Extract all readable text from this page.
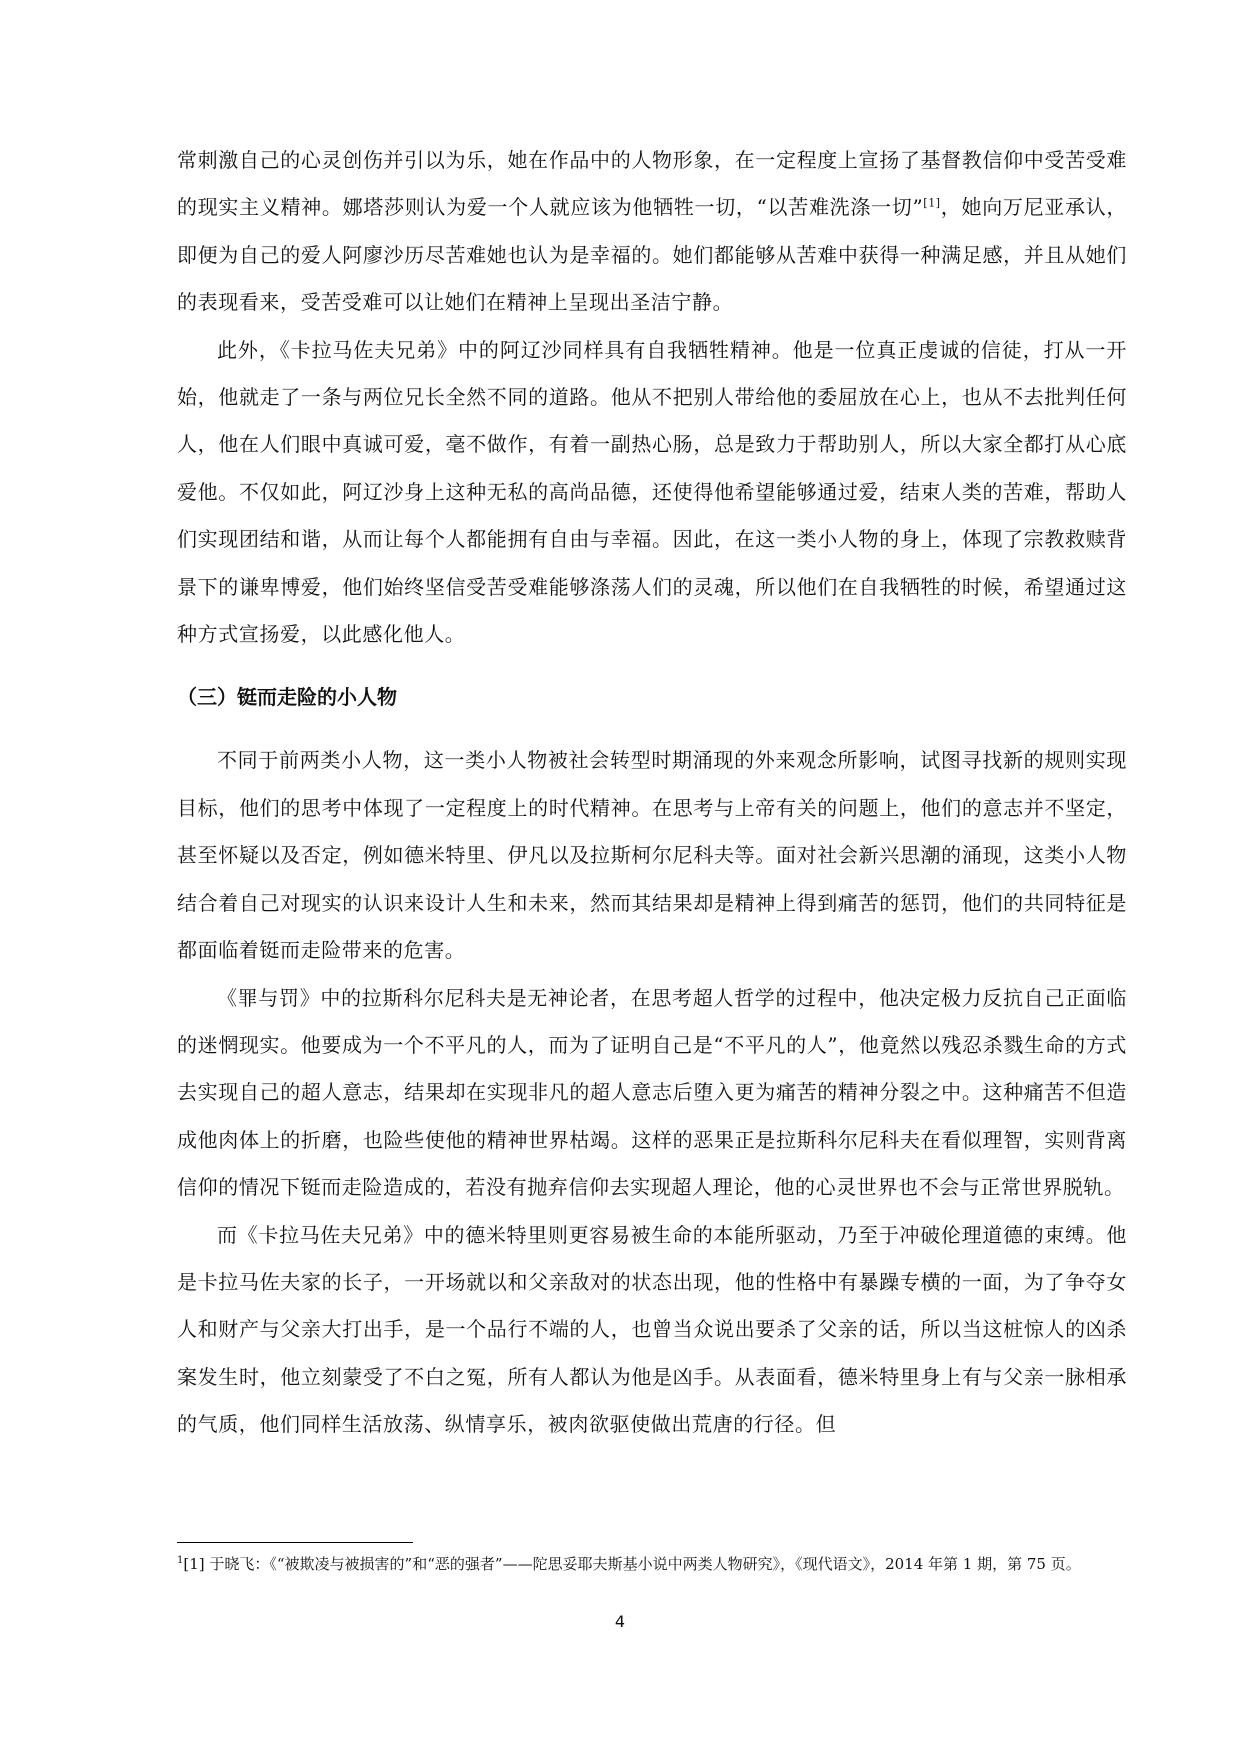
常刺激自己的心灵创伤并引以为乐，她在作品中的人物形象，在一定程度上宣扬了基督教信仰中受苦受难的现实主义精神。娜塔莎则认为爱一个人就应该为他牺牲一切，“以苦难洗涤一切”[1]，她向万尼亚承认，即便为自己的爱人阿廖沙历尽苦难她也认为是幸福的。她们都能够从苦难中获得一种满足感，并且从她们的表现看来，受苦受难可以让她们在精神上呈现出圣洁宁静。

此外，《卡拉马佐夫兄弟》中的阿辽沙同样具有自我牺牲精神。他是一位真正虔诚的信徒，打从一开始，他就走了一条与两位兄长全然不同的道路。他从不把别人带给他的委屈放在心上，也从不去批判任何人，他在人们眼中真诚可爱，毫不做作，有着一副热心肠，总是致力于帮助别人，所以大家全都打从心底爱他。不仅如此，阿辽沙身上这种无私的高尚品德，还使得他希望能够通过爱，结束人类的苦难，帮助人们实现团结和谐，从而让每个人都能拥有自由与幸福。因此，在这一类小人物的身上，体现了宗教救赎背景下的谦卑博爱，他们始终坚信受苦受难能够涤荡人们的灵魂，所以他们在自我牺牲的时候，希望通过这种方式宣扬爱，以此感化他人。

（三）铤而走险的小人物

不同于前两类小人物，这一类小人物被社会转型时期涌现的外来观念所影响，试图寻找新的规则实现目标，他们的思考中体现了一定程度上的时代精神。在思考与上帝有关的问题上，他们的意志并不坚定，甚至怀疑以及否定，例如德米特里、伊凡以及拉斯柯尔尼科夫等。面对社会新兴思潮的涌现，这类小人物结合着自己对现实的认识来设计人生和未来，然而其结果却是精神上得到痛苦的惩罚，他们的共同特征是都面临着铤而走险带来的危害。

《罪与罚》中的拉斯科尔尼科夫是无神论者，在思考超人哲学的过程中，他决定极力反抗自己正面临的迷惘现实。他要成为一个不平凡的人，而为了证明自己是“不平凡的人”，他竟然以残忍杀戮生命的方式去实现自己的超人意志，结果却在实现非凡的超人意志后堕入更为痛苦的精神分裂之中。这种痛苦不但造成他肉体上的折磨，也险些使他的精神世界枯竭。这样的恶果正是拉斯科尔尼科夫在看似理智，实则背离信仰的情况下铤而走险造成的，若没有抛弃信仰去实现超人理论，他的心灵世界也不会与正常世界脱轨。

而《卡拉马佐夫兄弟》中的德米特里则更容易被生命的本能所驱动，乃至于冲破伦理道德的束缚。他是卡拉马佐夫家的长子，一开场就以和父亲敌对的状态出现，他的性格中有暴躁专横的一面，为了争夺女人和财产与父亲大打出手，是一个品行不端的人，也曾当众说出要杀了父亲的话，所以当这桩惊人的凶杀案发生时，他立刻蒙受了不白之冤，所有人都认为他是凶手。从表面看，德米特里身上有与父亲一脉相承的气质，他们同样生活放荡、纵情享乐，被肉欲驱使做出荒唐的行径。但

$^1$[1] 于晓飞：《“被欺凌与被损害的”和“恶的强者”——陀思妥耶夫斯基小说中两类人物研究》，《现代语文》，2014 年第 1 期，第 75 页。
4
